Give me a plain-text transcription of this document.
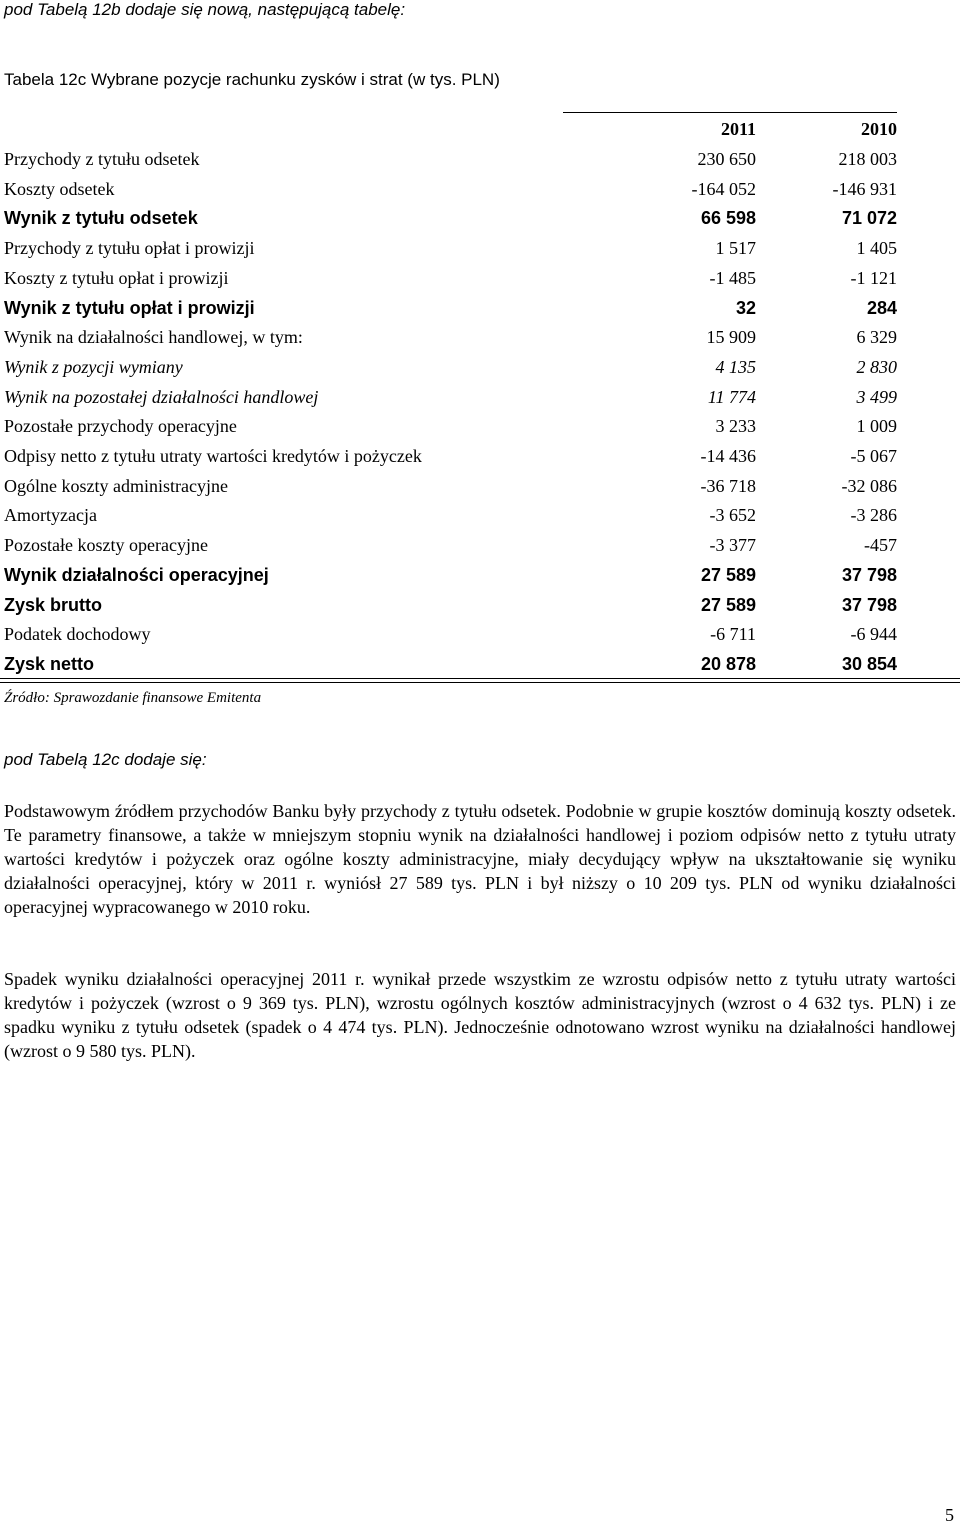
pod Tabelą 12b dodaje się nową, następującą tabelę:
Tabela 12c Wybrane pozycje rachunku zysków i strat (w tys. PLN)
2011	2010
Przychody z tytułu odsetek	230 650	218 003
Koszty odsetek	-164 052	-146 931
Wynik z tytułu odsetek	66 598	71 072
Przychody z tytułu opłat i prowizji	1 517	1 405
Koszty z tytułu opłat i prowizji	-1 485	-1 121
Wynik z tytułu opłat i prowizji	32	284
Wynik na działalności handlowej, w tym:	15 909	6 329
Wynik z pozycji wymiany	4 135	2 830
Wynik na pozostałej działalności handlowej	11 774	3 499
Pozostałe przychody operacyjne	3 233	1 009
Odpisy netto z tytułu utraty wartości kredytów i pożyczek	-14 436	-5 067
Ogólne koszty administracyjne	-36 718	-32 086
Amortyzacja	-3 652	-3 286
Pozostałe koszty operacyjne	-3 377	-457
Wynik działalności operacyjnej	27 589	37 798
Zysk brutto	27 589	37 798
Podatek dochodowy	-6 711	-6 944
Zysk netto	20 878	30 854
Źródło: Sprawozdanie finansowe Emitenta
pod Tabelą 12c dodaje się:
Podstawowym źródłem przychodów Banku były przychody z tytułu odsetek. Podobnie w grupie kosztów dominują koszty odsetek. Te parametry finansowe, a także w mniejszym stopniu wynik na działalności handlowej i poziom odpisów netto z tytułu utraty wartości kredytów i pożyczek oraz ogólne koszty administracyjne, miały decydujący wpływ na ukształtowanie się wyniku działalności operacyjnej, który w 2011 r. wyniósł 27 589 tys. PLN i był niższy o 10 209 tys. PLN od wyniku działalności operacyjnej wypracowanego w 2010 roku.
Spadek wyniku działalności operacyjnej 2011 r. wynikał przede wszystkim ze wzrostu odpisów netto z tytułu utraty wartości kredytów i pożyczek (wzrost o 9 369 tys. PLN), wzrostu ogólnych kosztów administracyjnych (wzrost o 4 632 tys. PLN) i ze spadku wyniku z tytułu odsetek (spadek o 4 474 tys. PLN). Jednocześnie odnotowano wzrost wyniku na działalności handlowej (wzrost o 9 580 tys. PLN).
5
